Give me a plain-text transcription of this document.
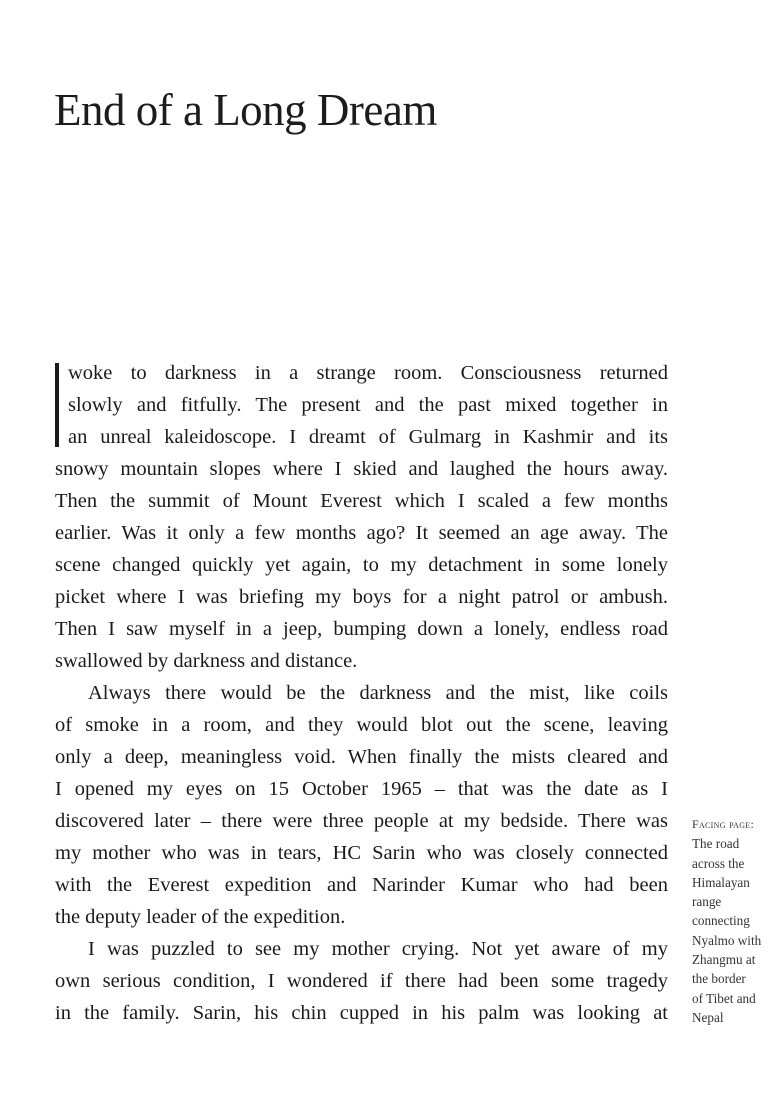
End of a Long Dream
woke to darkness in a strange room. Consciousness returned
slowly and fitfully. The present and the past mixed together in
an unreal kaleidoscope. I dreamt of Gulmarg in Kashmir and its
snowy mountain slopes where I skied and laughed the hours away.
Then the summit of Mount Everest which I scaled a few months
earlier. Was it only a few months ago? It seemed an age away. The
scene changed quickly yet again, to my detachment in some lonely
picket where I was briefing my boys for a night patrol or ambush.
Then I saw myself in a jeep, bumping down a lonely, endless road
swallowed by darkness and distance.
Always there would be the darkness and the mist, like coils
of smoke in a room, and they would blot out the scene, leaving
only a deep, meaningless void. When finally the mists cleared and
I opened my eyes on 15 October 1965 – that was the date as I
discovered later – there were three people at my bedside. There was
my mother who was in tears, HC Sarin who was closely connected
with the Everest expedition and Narinder Kumar who had been
the deputy leader of the expedition.
I was puzzled to see my mother crying. Not yet aware of my
own serious condition, I wondered if there had been some tragedy
in the family. Sarin, his chin cupped in his palm was looking at
Facing page:
The road
across the
Himalayan
range
connecting
Nyalmo with
Zhangmu at
the border
of Tibet and
Nepal
